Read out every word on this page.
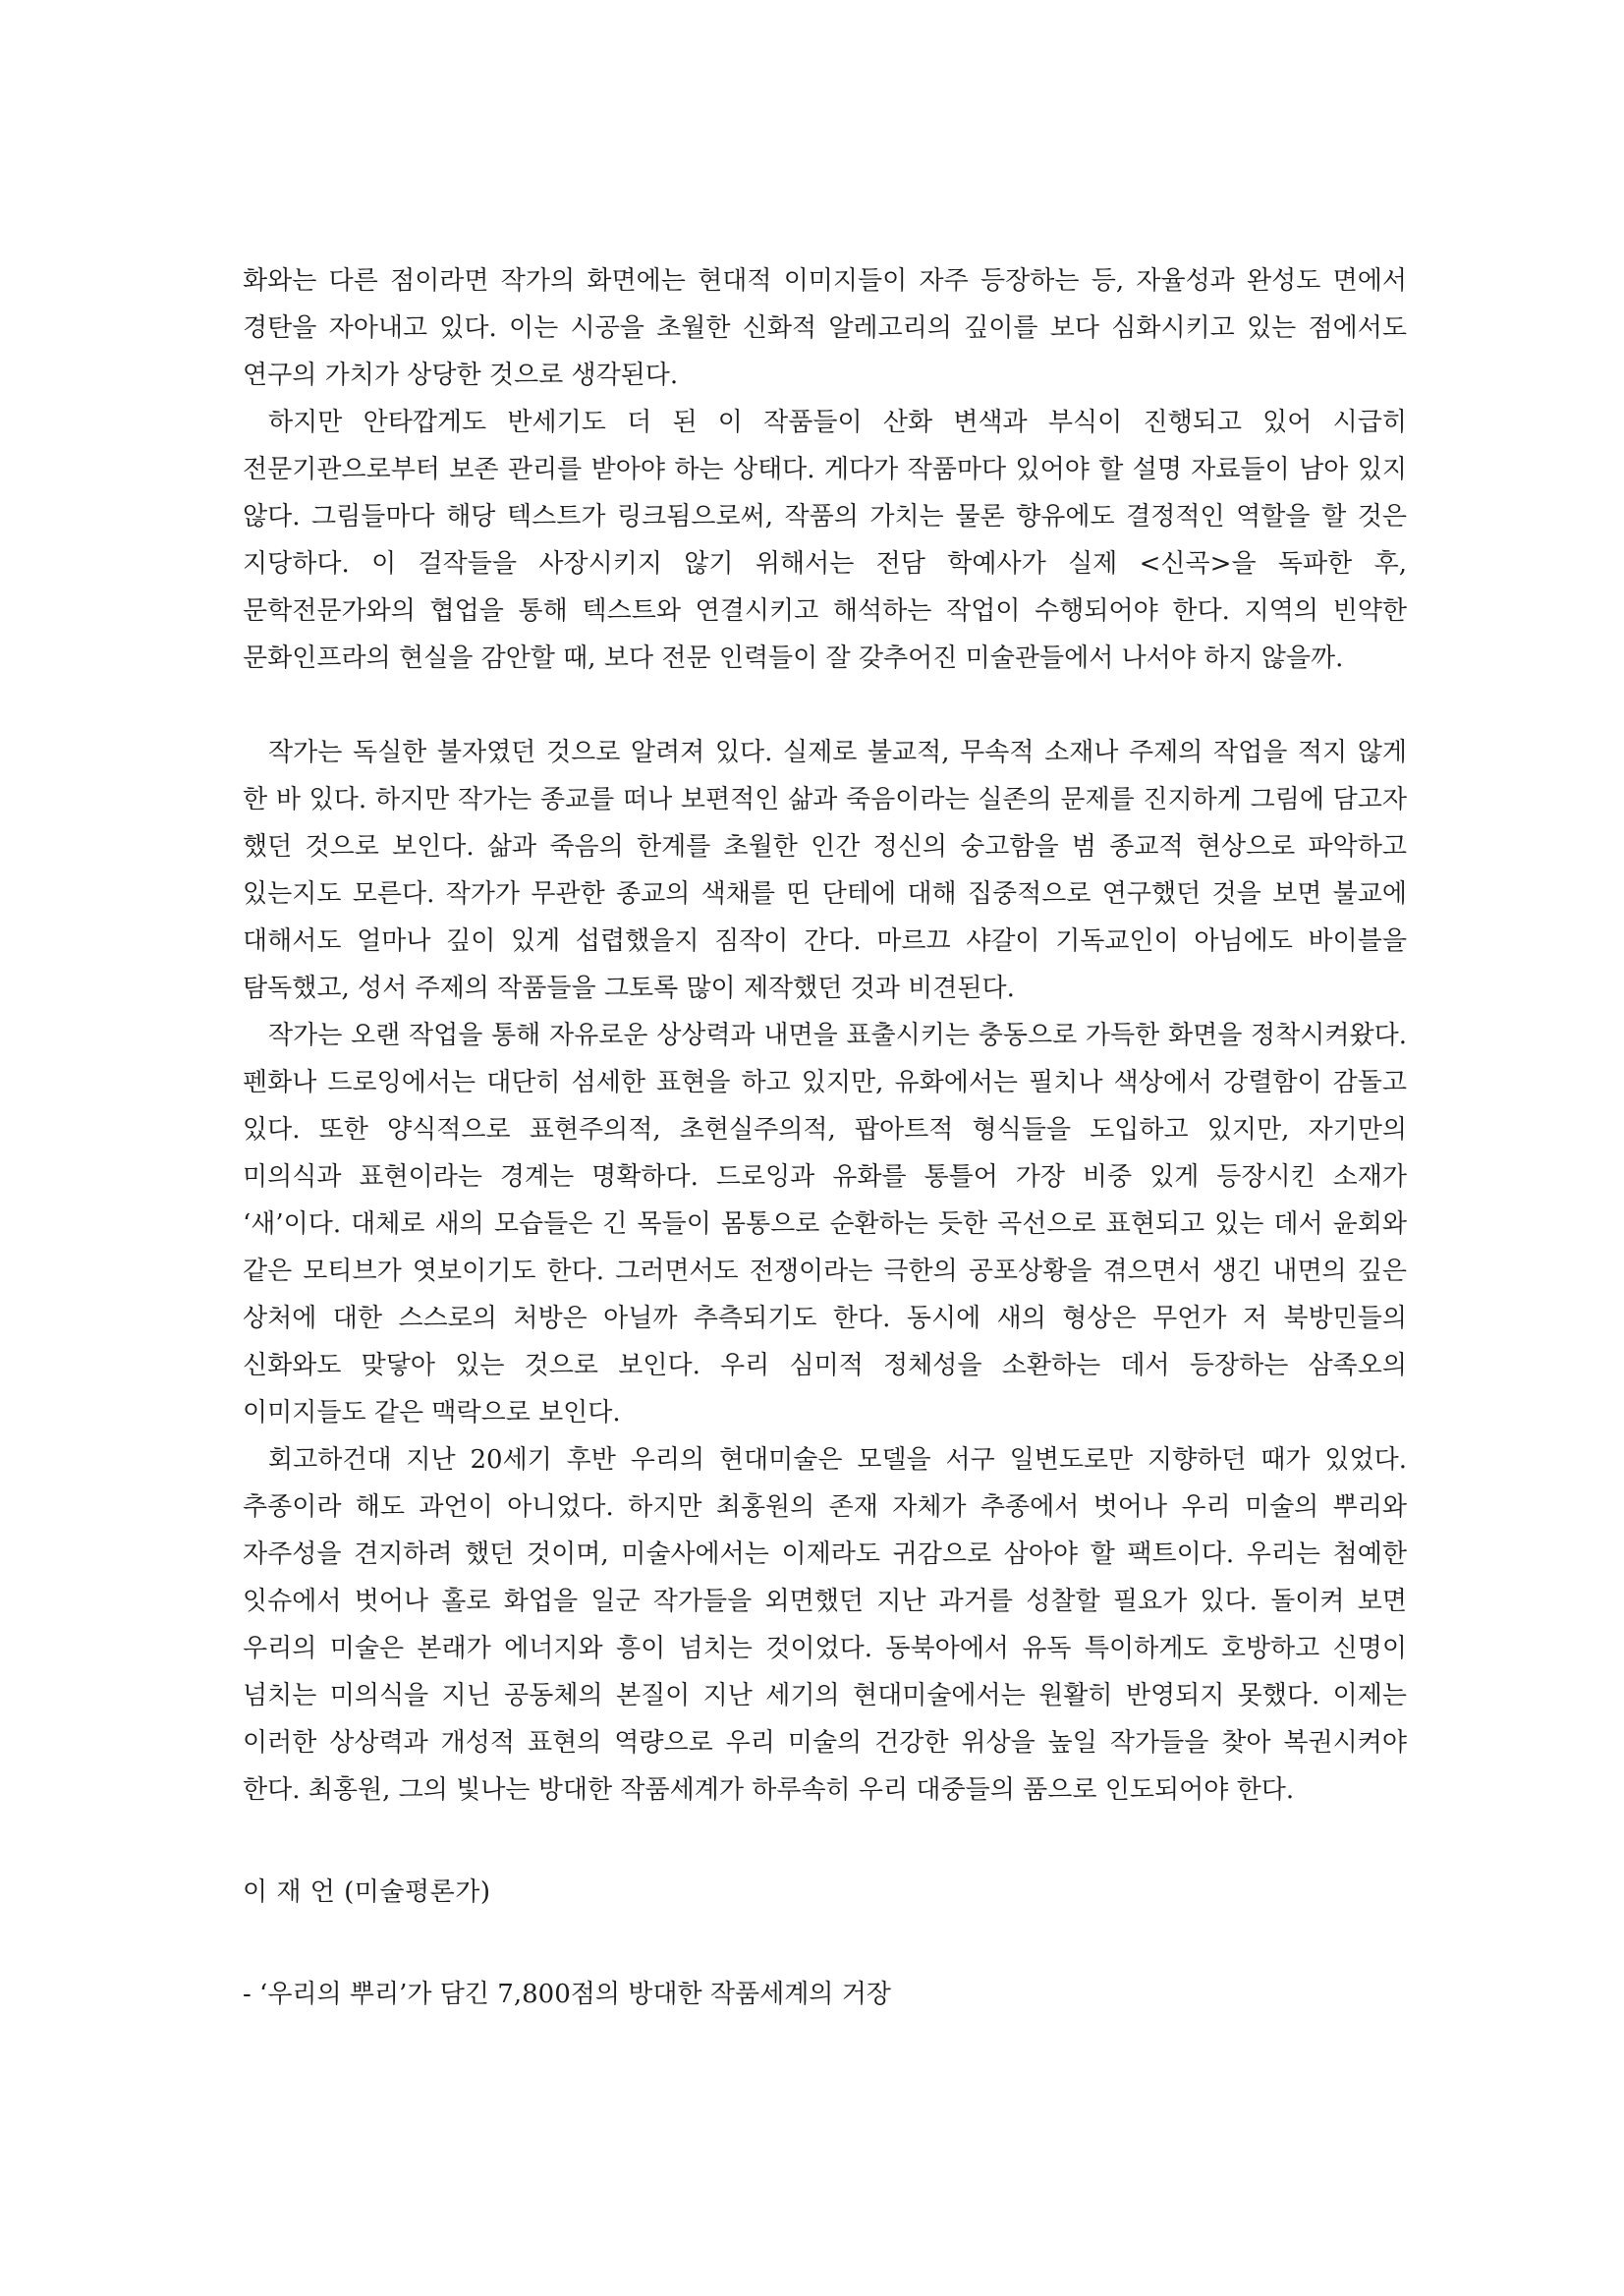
화와는 다른 점이라면 작가의 화면에는 현대적 이미지들이 자주 등장하는 등, 자율성과 완성도 면에서 경탄을 자아내고 있다. 이는 시공을 초월한 신화적 알레고리의 깊이를 보다 심화시키고 있는 점에서도 연구의 가치가 상당한 것으로 생각된다.

하지만 안타깝게도 반세기도 더 된 이 작품들이 산화 변색과 부식이 진행되고 있어 시급히 전문기관으로부터 보존 관리를 받아야 하는 상태다. 게다가 작품마다 있어야 할 설명 자료들이 남아 있지 않다. 그림들마다 해당 텍스트가 링크됨으로써, 작품의 가치는 물론 향유에도 결정적인 역할을 할 것은 지당하다. 이 걸작들을 사장시키지 않기 위해서는 전담 학예사가 실제 <신곡>을 독파한 후, 문학전문가와의 협업을 통해 텍스트와 연결시키고 해석하는 작업이 수행되어야 한다. 지역의 빈약한 문화인프라의 현실을 감안할 때, 보다 전문 인력들이 잘 갖추어진 미술관들에서 나서야 하지 않을까.

작가는 독실한 불자였던 것으로 알려져 있다. 실제로 불교적, 무속적 소재나 주제의 작업을 적지 않게 한 바 있다. 하지만 작가는 종교를 떠나 보편적인 삶과 죽음이라는 실존의 문제를 진지하게 그림에 담고자 했던 것으로 보인다. 삶과 죽음의 한계를 초월한 인간 정신의 숭고함을 범 종교적 현상으로 파악하고 있는지도 모른다. 작가가 무관한 종교의 색채를 띤 단테에 대해 집중적으로 연구했던 것을 보면 불교에 대해서도 얼마나 깊이 있게 섭렵했을지 짐작이 간다. 마르끄 샤갈이 기독교인이 아님에도 바이블을 탐독했고, 성서 주제의 작품들을 그토록 많이 제작했던 것과 비견된다.

작가는 오랜 작업을 통해 자유로운 상상력과 내면을 표출시키는 충동으로 가득한 화면을 정착시켜왔다. 펜화나 드로잉에서는 대단히 섬세한 표현을 하고 있지만, 유화에서는 필치나 색상에서 강렬함이 감돌고 있다. 또한 양식적으로 표현주의적, 초현실주의적, 팝아트적 형식들을 도입하고 있지만, 자기만의 미의식과 표현이라는 경계는 명확하다. 드로잉과 유화를 통틀어 가장 비중 있게 등장시킨 소재가 ‘새’이다. 대체로 새의 모습들은 긴 목들이 몸통으로 순환하는 듯한 곡선으로 표현되고 있는 데서 윤회와 같은 모티브가 엿보이기도 한다. 그러면서도 전쟁이라는 극한의 공포상황을 겪으면서 생긴 내면의 깊은 상처에 대한 스스로의 처방은 아닐까 추측되기도 한다. 동시에 새의 형상은 무언가 저 북방민들의 신화와도 맞닿아 있는 것으로 보인다. 우리 심미적 정체성을 소환하는 데서 등장하는 삼족오의 이미지들도 같은 맥락으로 보인다.

회고하건대 지난 20세기 후반 우리의 현대미술은 모델을 서구 일변도로만 지향하던 때가 있었다. 추종이라 해도 과언이 아니었다. 하지만 최홍원의 존재 자체가 추종에서 벗어나 우리 미술의 뿌리와 자주성을 견지하려 했던 것이며, 미술사에서는 이제라도 귀감으로 삼아야 할 팩트이다. 우리는 첨예한 잇슈에서 벗어나 홀로 화업을 일군 작가들을 외면했던 지난 과거를 성찰할 필요가 있다. 돌이켜 보면 우리의 미술은 본래가 에너지와 흥이 넘치는 것이었다. 동북아에서 유독 특이하게도 호방하고 신명이 넘치는 미의식을 지닌 공동체의 본질이 지난 세기의 현대미술에서는 원활히 반영되지 못했다. 이제는 이러한 상상력과 개성적 표현의 역량으로 우리 미술의 건강한 위상을 높일 작가들을 찾아 복권시켜야 한다. 최홍원, 그의 빛나는 방대한 작품세계가 하루속히 우리 대중들의 품으로 인도되어야 한다.

이 재 언 (미술평론가)

- ‘우리의 뿌리’가 담긴 7,800점의 방대한 작품세계의 거장
